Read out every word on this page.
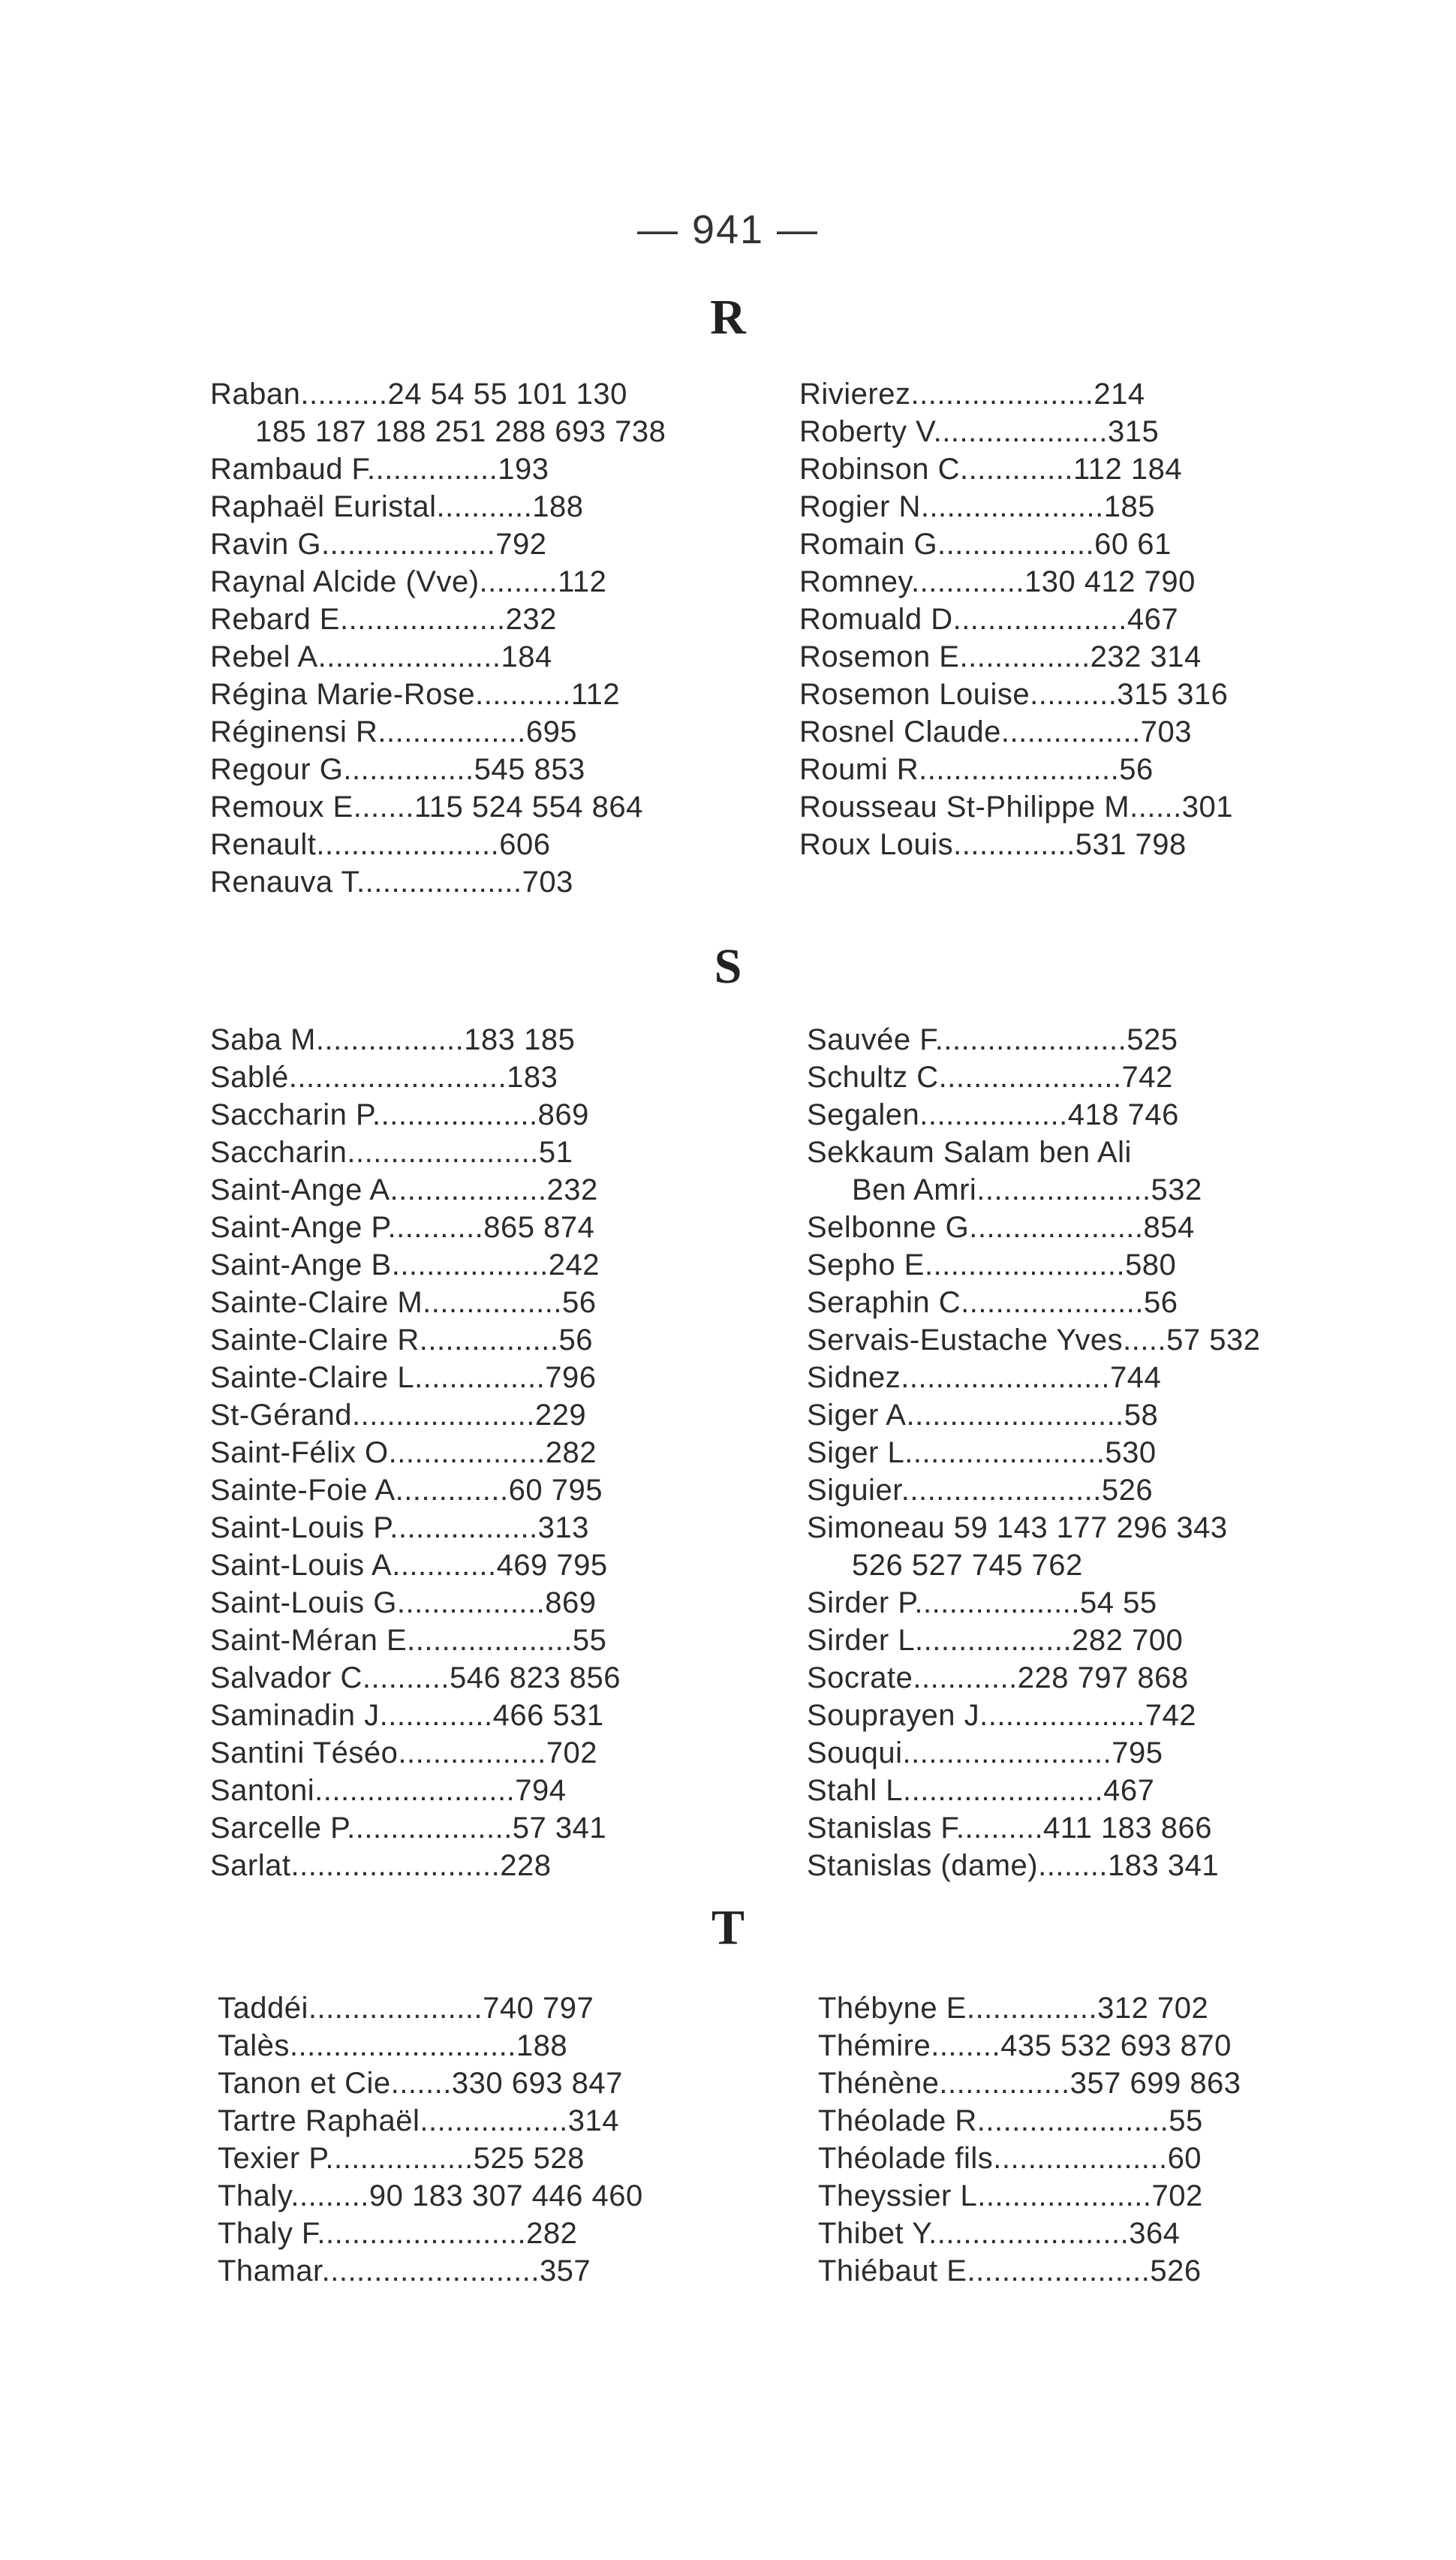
— 941 —
R
Raban..........24 54 55 101 130
185 187 188 251 288 693 738
Rambaud F...............193
Raphaël Euristal...........188
Ravin G....................792
Raynal Alcide (Vve).........112
Rebard E...................232
Rebel A.....................184
Régina Marie-Rose...........112
Réginensi R.................695
Regour G...............545 853
Remoux E.......115 524 554 864
Renault.....................606
Renauva T...................703
Rivierez.....................214
Roberty V....................315
Robinson C.............112 184
Rogier N.....................185
Romain G..................60 61
Romney.............130 412 790
Romuald D....................467
Rosemon E...............232 314
Rosemon Louise..........315 316
Rosnel Claude................703
Roumi R.......................56
Rousseau St-Philippe M......301
Roux Louis..............531 798
S
Saba M.................183 185
Sablé.........................183
Saccharin P...................869
Saccharin......................51
Saint-Ange A..................232
Saint-Ange P...........865 874
Saint-Ange B..................242
Sainte-Claire M................56
Sainte-Claire R................56
Sainte-Claire L...............796
St-Gérand.....................229
Saint-Félix O..................282
Sainte-Foie A.............60 795
Saint-Louis P.................313
Saint-Louis A............469 795
Saint-Louis G.................869
Saint-Méran E...................55
Salvador C..........546 823 856
Saminadin J.............466 531
Santini Téséo.................702
Santoni.......................794
Sarcelle P...................57 341
Sarlat........................228
Sauvée F......................525
Schultz C.....................742
Segalen.................418 746
Sekkaum Salam ben Ali
Ben Amri....................532
Selbonne G....................854
Sepho E.......................580
Seraphin C.....................56
Servais-Eustache Yves.....57 532
Sidnez........................744
Siger A.........................58
Siger L.......................530
Siguier.......................526
Simoneau 59 143 177 296 343
526 527 745 762
Sirder P...................54 55
Sirder L..................282 700
Socrate............228 797 868
Souprayen J...................742
Souqui........................795
Stahl L.......................467
Stanislas F..........411 183 866
Stanislas (dame)........183 341
T
Taddéi....................740 797
Talès..........................188
Tanon et Cie.......330 693 847
Tartre Raphaël.................314
Texier P.................525 528
Thaly.........90 183 307 446 460
Thaly F........................282
Thamar.........................357
Thébyne E...............312 702
Thémire........435 532 693 870
Thénène...............357 699 863
Théolade R......................55
Théolade fils....................60
Theyssier L....................702
Thibet Y.......................364
Thiébaut E.....................526
